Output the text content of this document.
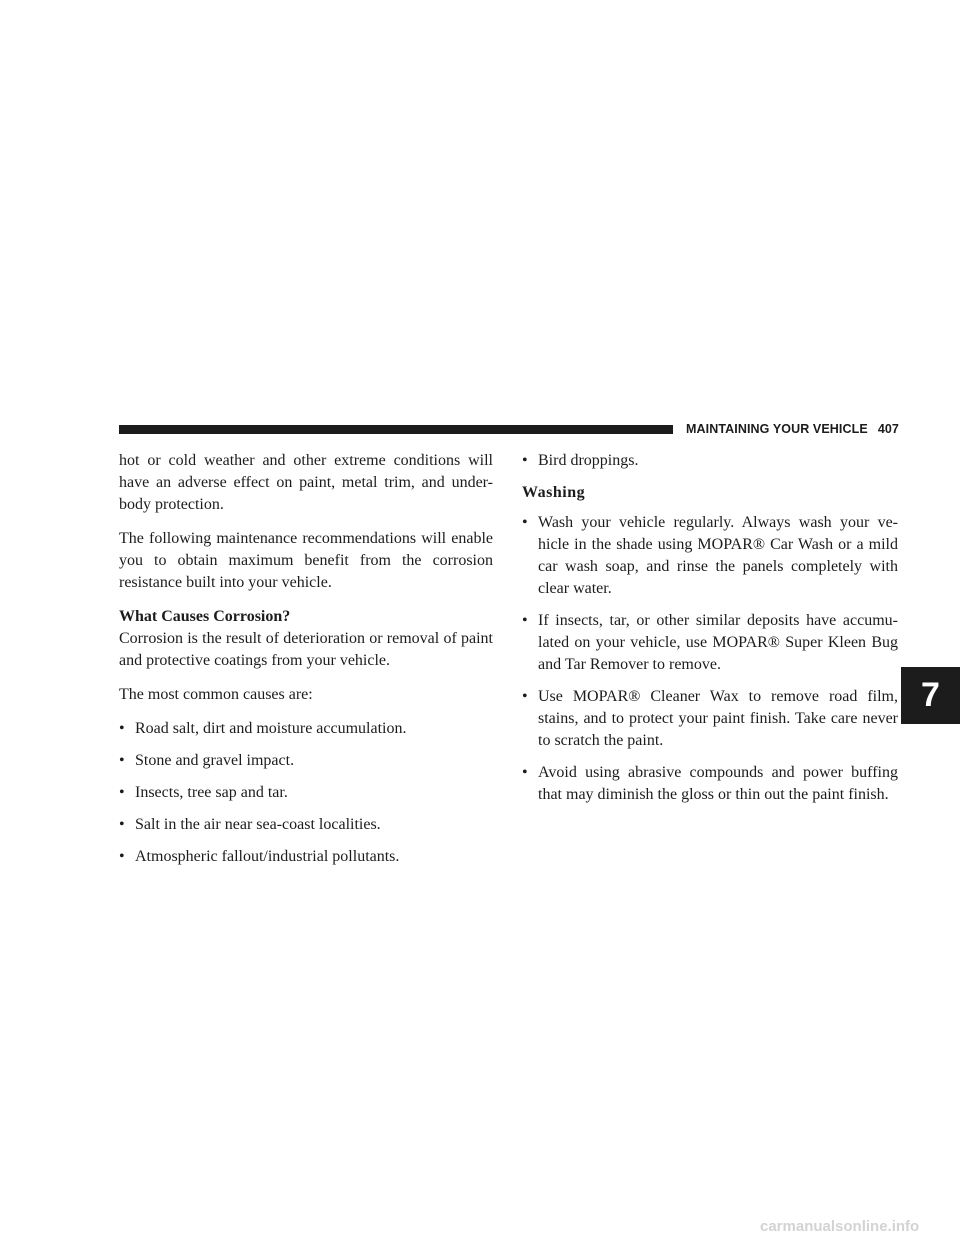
MAINTAINING YOUR VEHICLE 407

hot or cold weather and other extreme conditions will have an adverse effect on paint, metal trim, and under-body protection.

The following maintenance recommendations will enable you to obtain maximum benefit from the corrosion resistance built into your vehicle.

What Causes Corrosion?

Corrosion is the result of deterioration or removal of paint and protective coatings from your vehicle.

The most common causes are:

• Road salt, dirt and moisture accumulation.
• Stone and gravel impact.
• Insects, tree sap and tar.
• Salt in the air near sea-coast localities.
• Atmospheric fallout/industrial pollutants.
• Bird droppings.
Washing
• Wash your vehicle regularly. Always wash your ve-hicle in the shade using MOPAR® Car Wash or a mild car wash soap, and rinse the panels completely with clear water.
• If insects, tar, or other similar deposits have accumu-lated on your vehicle, use MOPAR® Super Kleen Bug and Tar Remover to remove.
• Use MOPAR® Cleaner Wax to remove road film, stains, and to protect your paint finish. Take care never to scratch the paint.
• Avoid using abrasive compounds and power buffing that may diminish the gloss or thin out the paint finish.
7
carmanualsonline.info
